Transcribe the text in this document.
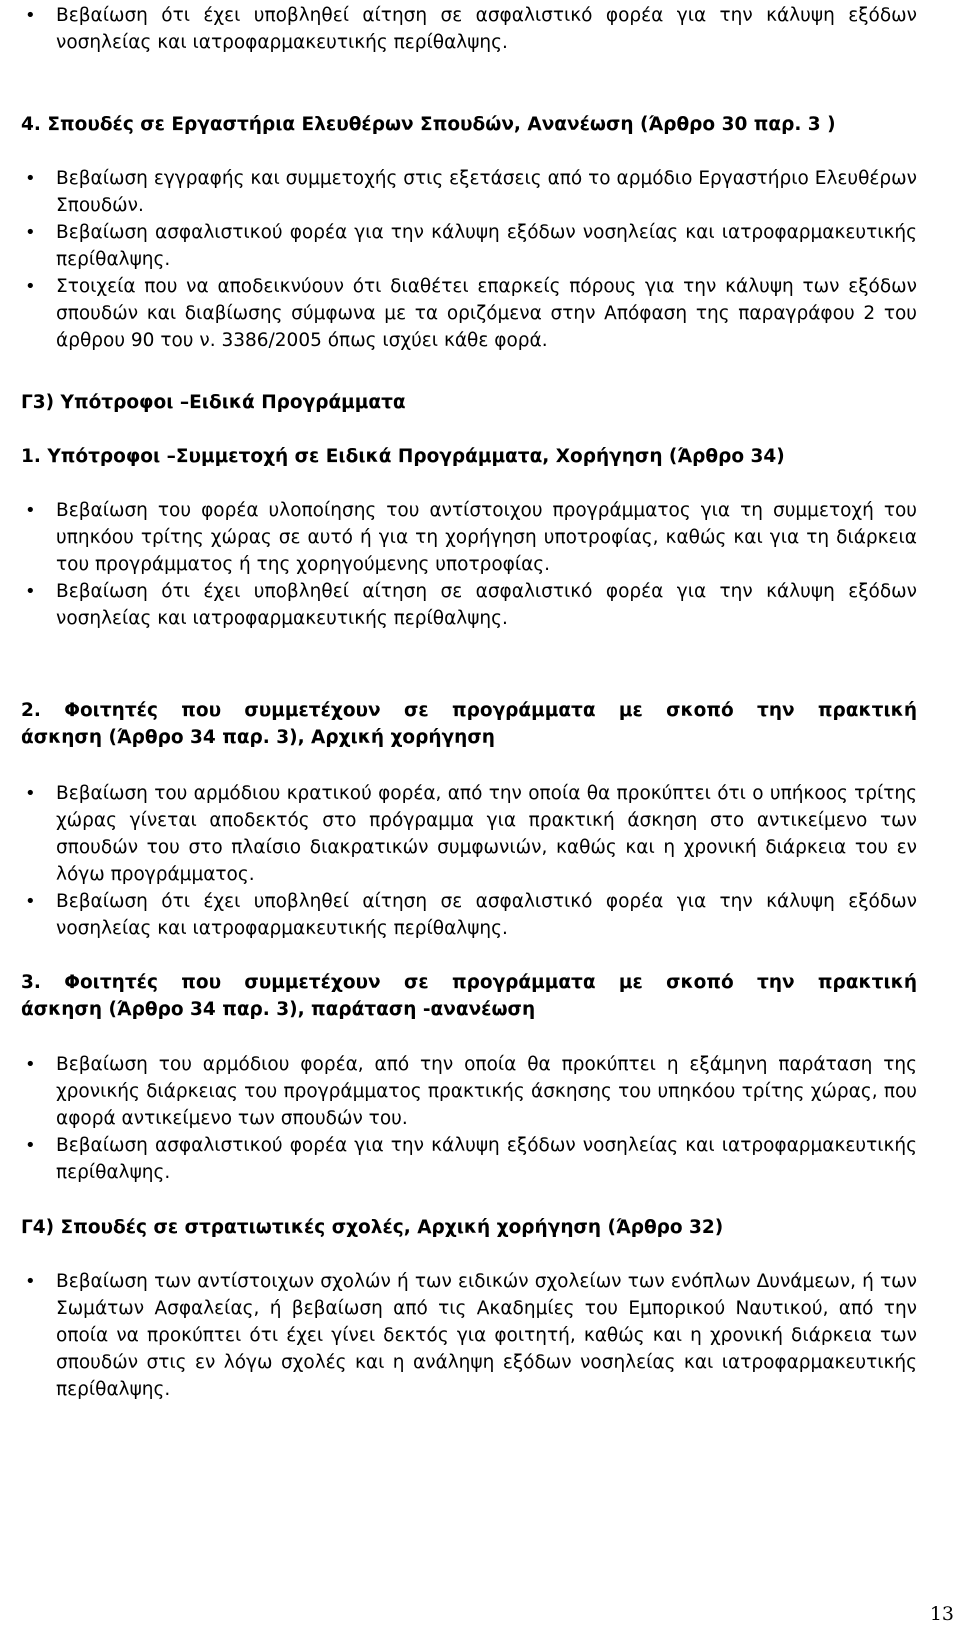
• Βεβαίωση ότι έχει υποβληθεί αίτηση σε ασφαλιστικό φορέα για την κάλυψη εξόδων νοσηλείας και ιατροφαρμακευτικής περίθαλψης.

4. Σπουδές σε Εργαστήρια Ελευθέρων Σπουδών, Ανανέωση (Άρθρο 30 παρ. 3 )

• Βεβαίωση εγγραφής και συμμετοχής στις εξετάσεις από το αρμόδιο Εργαστήριο Ελευθέρων Σπουδών.

• Βεβαίωση ασφαλιστικού φορέα για την κάλυψη εξόδων νοσηλείας και ιατροφαρμακευτικής περίθαλψης.

• Στοιχεία που να αποδεικνύουν ότι διαθέτει επαρκείς πόρους για την κάλυψη των εξόδων σπουδών και διαβίωσης σύμφωνα με τα οριζόμενα στην Απόφαση της παραγράφου 2 του άρθρου 90 του ν. 3386/2005 όπως ισχύει κάθε φορά.

Γ3) Υπότροφοι –Ειδικά Προγράμματα

1. Υπότροφοι –Συμμετοχή σε Ειδικά Προγράμματα, Χορήγηση (Άρθρο 34)

• Βεβαίωση του φορέα υλοποίησης του αντίστοιχου προγράμματος για τη συμμετοχή του υπηκόου τρίτης χώρας σε αυτό ή για τη χορήγηση υποτροφίας, καθώς και για τη διάρκεια του προγράμματος ή της χορηγούμενης υποτροφίας.

• Βεβαίωση ότι έχει υποβληθεί αίτηση σε ασφαλιστικό φορέα για την κάλυψη εξόδων νοσηλείας και ιατροφαρμακευτικής περίθαλψης.

2. Φοιτητές που συμμετέχουν σε προγράμματα με σκοπό την πρακτική

άσκηση (Άρθρο 34 παρ. 3), Αρχική χορήγηση

• Βεβαίωση του αρμόδιου κρατικού φορέα, από την οποία θα προκύπτει ότι ο υπήκοος τρίτης χώρας γίνεται αποδεκτός στο πρόγραμμα για πρακτική άσκηση στο αντικείμενο των σπουδών του στο πλαίσιο διακρατικών συμφωνιών, καθώς και η χρονική διάρκεια του εν λόγω προγράμματος.

• Βεβαίωση ότι έχει υποβληθεί αίτηση σε ασφαλιστικό φορέα για την κάλυψη εξόδων νοσηλείας και ιατροφαρμακευτικής περίθαλψης.

3. Φοιτητές που συμμετέχουν σε προγράμματα με σκοπό την πρακτική

άσκηση (Άρθρο 34 παρ. 3), παράταση -ανανέωση

• Βεβαίωση του αρμόδιου φορέα, από την οποία θα προκύπτει η εξάμηνη παράταση της χρονικής διάρκειας του προγράμματος πρακτικής άσκησης του υπηκόου τρίτης χώρας, που αφορά αντικείμενο των σπουδών του.

• Βεβαίωση ασφαλιστικού φορέα για την κάλυψη εξόδων νοσηλείας και ιατροφαρμακευτικής περίθαλψης.

Γ4) Σπουδές σε στρατιωτικές σχολές, Αρχική χορήγηση (Άρθρο 32)

• Βεβαίωση των αντίστοιχων σχολών ή των ειδικών σχολείων των ενόπλων Δυνάμεων, ή των Σωμάτων Ασφαλείας, ή βεβαίωση από τις Ακαδημίες του Εμπορικού Ναυτικού, από την οποία να προκύπτει ότι έχει γίνει δεκτός για φοιτητή, καθώς και η χρονική διάρκεια των σπουδών στις εν λόγω σχολές και η ανάληψη εξόδων νοσηλείας και ιατροφαρμακευτικής περίθαλψης.

13
